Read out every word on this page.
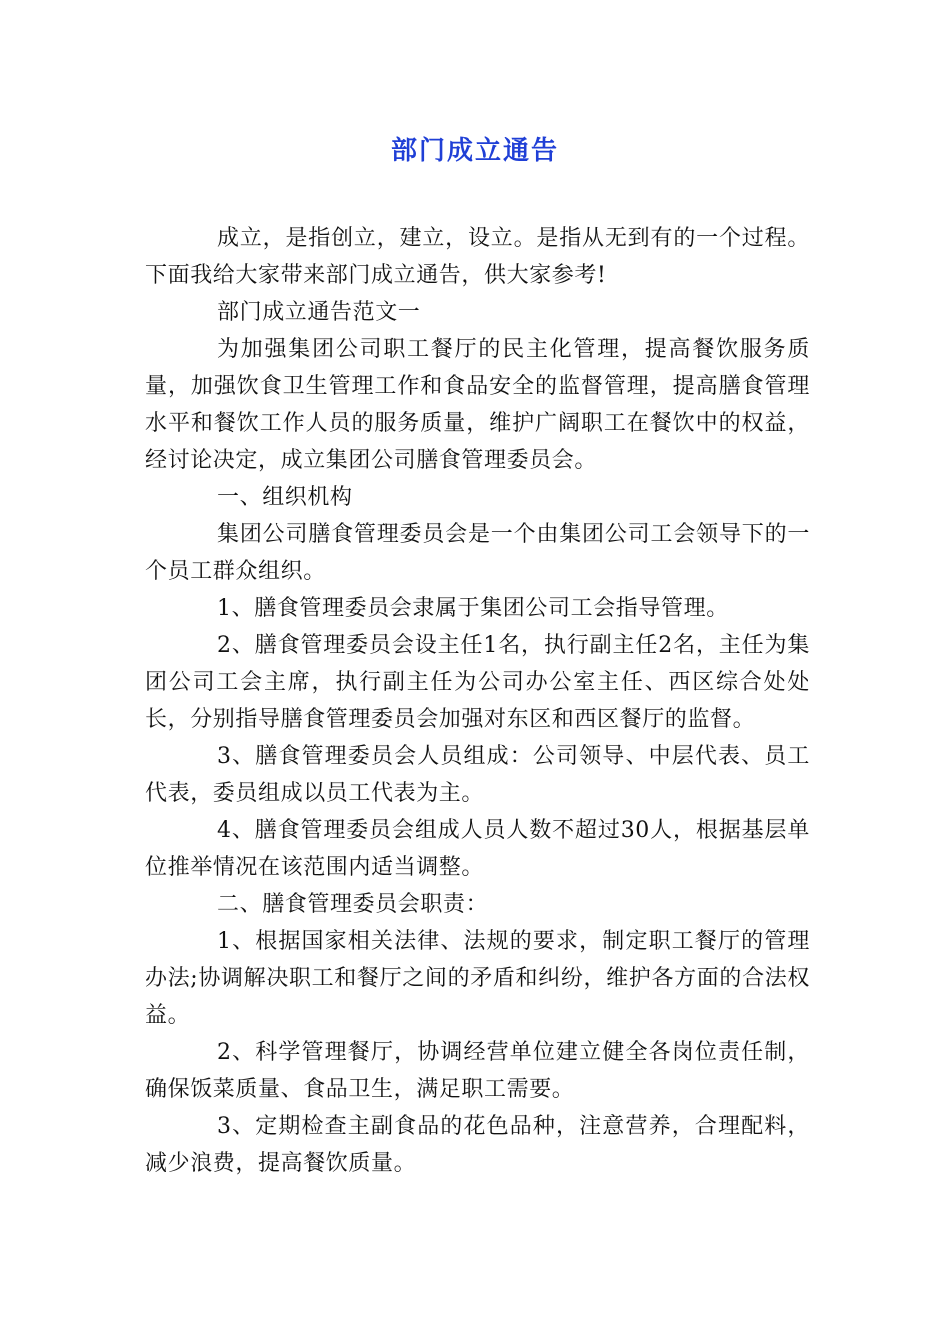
部门成立通告

成立，是指创立，建立，设立。是指从无到有的一个过程。下面我给大家带来部门成立通告，供大家参考!

部门成立通告范文一

为加强集团公司职工餐厅的民主化管理，提高餐饮服务质量，加强饮食卫生管理工作和食品安全的监督管理，提高膳食管理水平和餐饮工作人员的服务质量，维护广阔职工在餐饮中的权益，经讨论决定，成立集团公司膳食管理委员会。

一、组织机构

集团公司膳食管理委员会是一个由集团公司工会领导下的一个员工群众组织。

1、膳食管理委员会隶属于集团公司工会指导管理。

2、膳食管理委员会设主任1名，执行副主任2名，主任为集团公司工会主席，执行副主任为公司办公室主任、西区综合处处长，分别指导膳食管理委员会加强对东区和西区餐厅的监督。

3、膳食管理委员会人员组成：公司领导、中层代表、员工代表，委员组成以员工代表为主。

4、膳食管理委员会组成人员人数不超过30人，根据基层单位推举情况在该范围内适当调整。

二、膳食管理委员会职责：

1、根据国家相关法律、法规的要求，制定职工餐厅的管理办法;协调解决职工和餐厅之间的矛盾和纠纷，维护各方面的合法权益。

2、科学管理餐厅，协调经营单位建立健全各岗位责任制，确保饭菜质量、食品卫生，满足职工需要。

3、定期检查主副食品的花色品种，注意营养，合理配料，减少浪费，提高餐饮质量。
